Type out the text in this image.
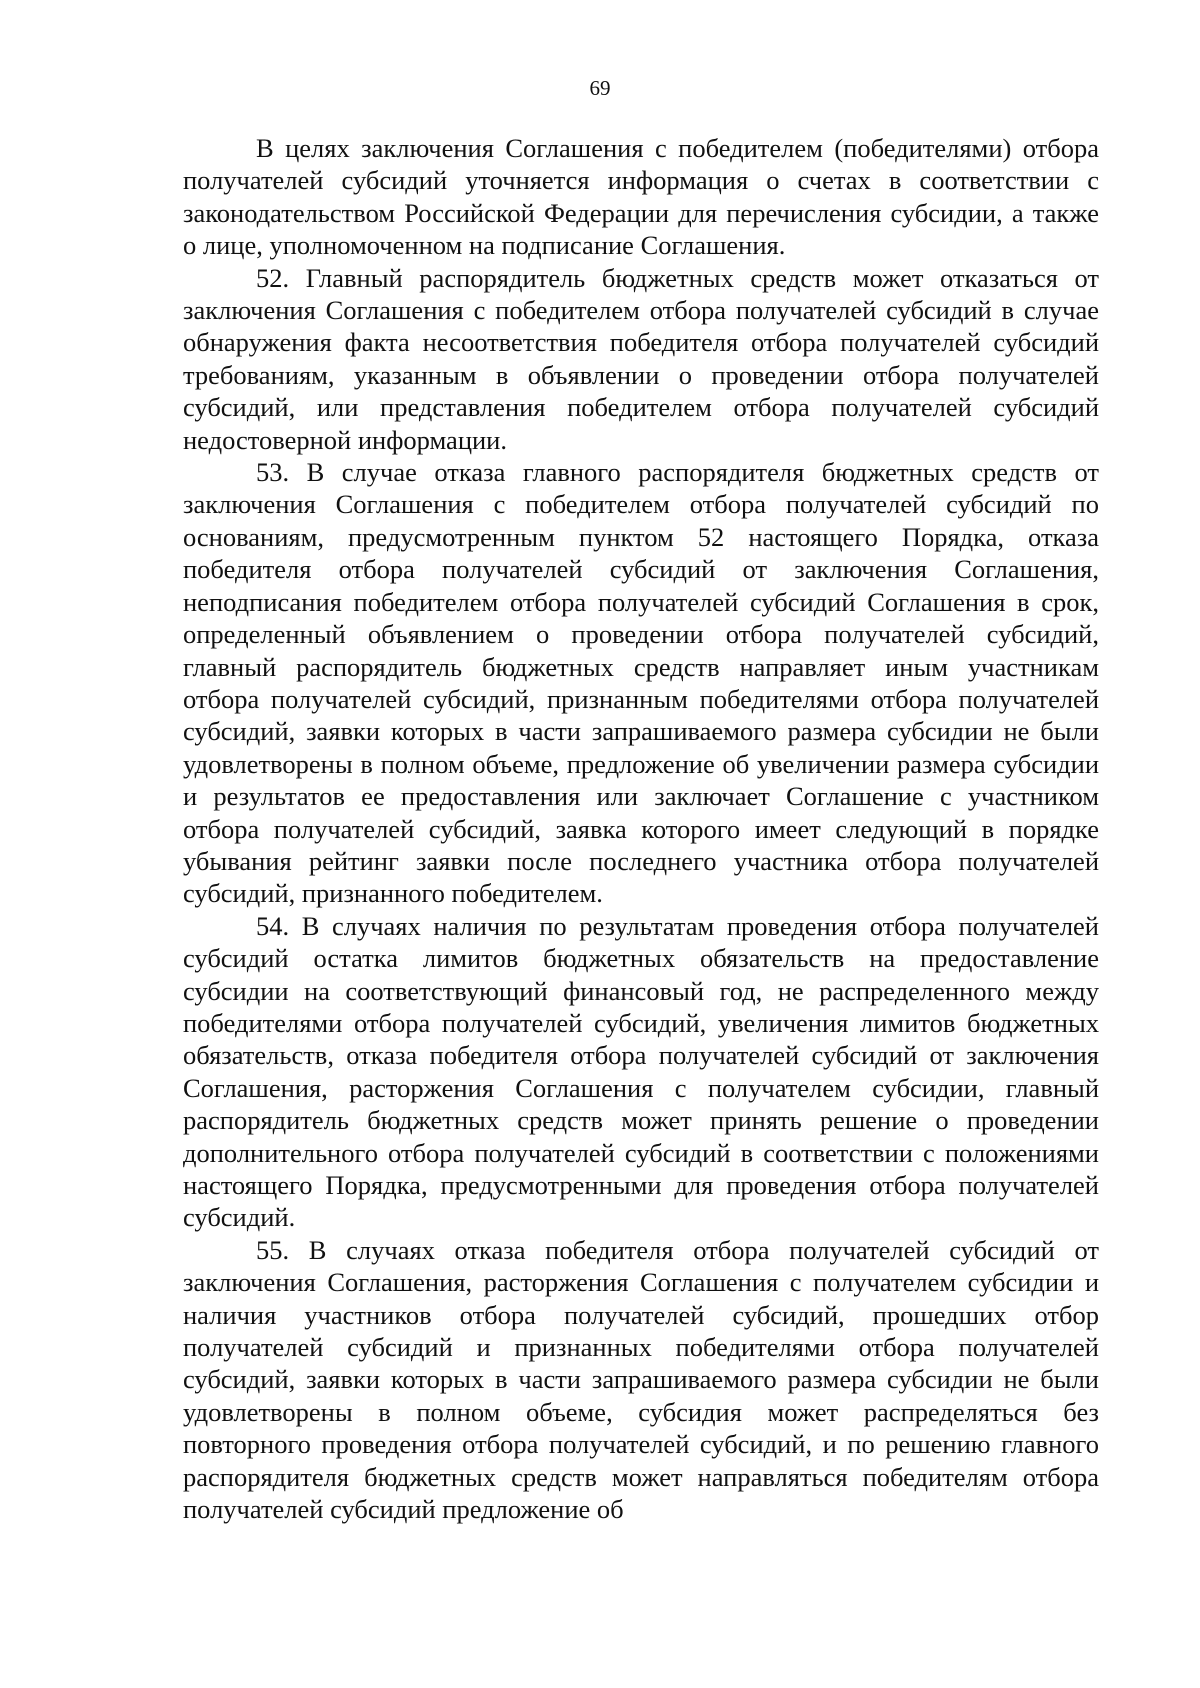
69

В целях заключения Соглашения с победителем (победителями) отбора получателей субсидий уточняется информация о счетах в соответствии с законодательством Российской Федерации для перечисления субсидии, а также о лице, уполномоченном на подписание Соглашения.

52. Главный распорядитель бюджетных средств может отказаться от заключения Соглашения с победителем отбора получателей субсидий в случае обнаружения факта несоответствия победителя отбора получателей субсидий требованиям, указанным в объявлении о проведении отбора получателей субсидий, или представления победителем отбора получателей субсидий недостоверной информации.

53. В случае отказа главного распорядителя бюджетных средств от заключения Соглашения с победителем отбора получателей субсидий по основаниям, предусмотренным пунктом 52 настоящего Порядка, отказа победителя отбора получателей субсидий от заключения Соглашения, неподписания победителем отбора получателей субсидий Соглашения в срок, определенный объявлением о проведении отбора получателей субсидий, главный распорядитель бюджетных средств направляет иным участникам отбора получателей субсидий, признанным победителями отбора получателей субсидий, заявки которых в части запрашиваемого размера субсидии не были удовлетворены в полном объеме, предложение об увеличении размера субсидии и результатов ее предоставления или заключает Соглашение с участником отбора получателей субсидий, заявка которого имеет следующий в порядке убывания рейтинг заявки после последнего участника отбора получателей субсидий, признанного победителем.

54. В случаях наличия по результатам проведения отбора получателей субсидий остатка лимитов бюджетных обязательств на предоставление субсидии на соответствующий финансовый год, не распределенного между победителями отбора получателей субсидий, увеличения лимитов бюджетных обязательств, отказа победителя отбора получателей субсидий от заключения Соглашения, расторжения Соглашения с получателем субсидии, главный распорядитель бюджетных средств может принять решение о проведении дополнительного отбора получателей субсидий в соответствии с положениями настоящего Порядка, предусмотренными для проведения отбора получателей субсидий.

55. В случаях отказа победителя отбора получателей субсидий от заключения Соглашения, расторжения Соглашения с получателем субсидии и наличия участников отбора получателей субсидий, прошедших отбор получателей субсидий и признанных победителями отбора получателей субсидий, заявки которых в части запрашиваемого размера субсидии не были удовлетворены в полном объеме, субсидия может распределяться без повторного проведения отбора получателей субсидий, и по решению главного распорядителя бюджетных средств может направляться победителям отбора получателей субсидий предложение об
